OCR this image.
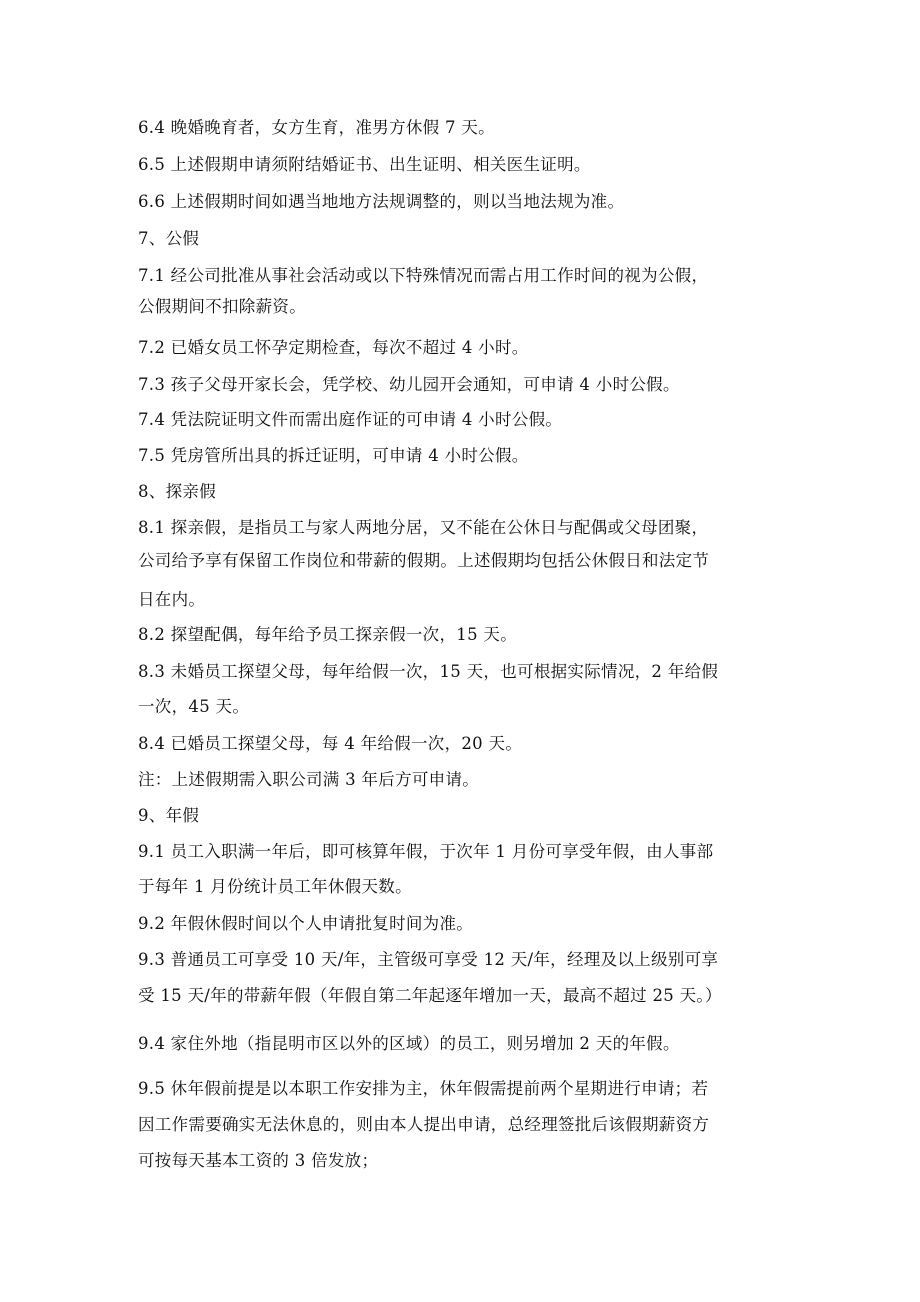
6.4 晚婚晚育者，女方生育，准男方休假 7 天。
6.5 上述假期申请须附结婚证书、出生证明、相关医生证明。
6.6 上述假期时间如遇当地地方法规调整的，则以当地法规为准。
7、公假
7.1 经公司批准从事社会活动或以下特殊情况而需占用工作时间的视为公假，
公假期间不扣除薪资。
7.2 已婚女员工怀孕定期检查，每次不超过 4 小时。
7.3 孩子父母开家长会，凭学校、幼儿园开会通知，可申请 4 小时公假。
7.4 凭法院证明文件而需出庭作证的可申请 4 小时公假。
7.5 凭房管所出具的拆迁证明，可申请 4 小时公假。
8、探亲假
8.1 探亲假，是指员工与家人两地分居，又不能在公休日与配偶或父母团聚，
公司给予享有保留工作岗位和带薪的假期。上述假期均包括公休假日和法定节
日在内。
8.2 探望配偶，每年给予员工探亲假一次，15 天。
8.3 未婚员工探望父母，每年给假一次，15 天，也可根据实际情况，2 年给假
一次，45 天。
8.4 已婚员工探望父母，每 4 年给假一次，20 天。
注：上述假期需入职公司满 3 年后方可申请。
9、年假
9.1 员工入职满一年后，即可核算年假，于次年 1 月份可享受年假，由人事部
于每年 1 月份统计员工年休假天数。
9.2 年假休假时间以个人申请批复时间为准。
9.3 普通员工可享受 10 天/年，主管级可享受 12 天/年，经理及以上级别可享
受 15 天/年的带薪年假（年假自第二年起逐年增加一天，最高不超过 25 天。）
9.4 家住外地（指昆明市区以外的区域）的员工，则另增加 2 天的年假。
9.5 休年假前提是以本职工作安排为主，休年假需提前两个星期进行申请；若
因工作需要确实无法休息的，则由本人提出申请，总经理签批后该假期薪资方
可按每天基本工资的 3 倍发放；
